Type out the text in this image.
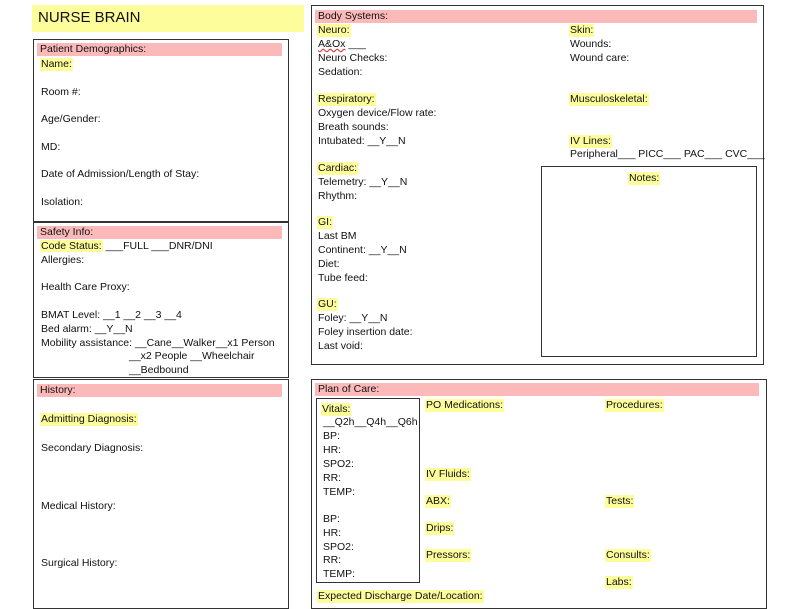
NURSE BRAIN
Patient Demographics:
Name:
Room #:
Age/Gender:
MD:
Date of Admission/Length of Stay:
Isolation:
Safety Info:
Code Status: ___FULL ___DNR/DNI
Allergies:
Health Care Proxy:
BMAT Level: __1 __2 __3 __4
Bed alarm: __Y__N
Mobility assistance: __Cane__Walker__x1 Person
__x2 People __Wheelchair
__Bedbound
History:
Admitting Diagnosis:
Secondary Diagnosis:
Medical History:
Surgical History:
Body Systems:
Neuro:
A&Ox ___
Neuro Checks:
Sedation:
Respiratory:
Oxygen device/Flow rate:
Breath sounds:
Intubated: __Y__N
Cardiac:
Telemetry: __Y__N
Rhythm:
GI:
Last BM
Continent: __Y__N
Diet:
Tube feed:
GU:
Foley: __Y__N
Foley insertion date:
Last void:
Skin:
Wounds:
Wound care:
Musculoskeletal:
IV Lines:
Peripheral___ PICC___ PAC___ CVC___
Notes:
Plan of Care:
Vitals:
__Q2h__Q4h__Q6h
BP:
HR:
SPO2:
RR:
TEMP:
BP:
HR:
SPO2:
RR:
TEMP:
PO Medications:
IV Fluids:
ABX:
Drips:
Pressors:
Procedures:
Tests:
Consults:
Labs:
Expected Discharge Date/Location:
